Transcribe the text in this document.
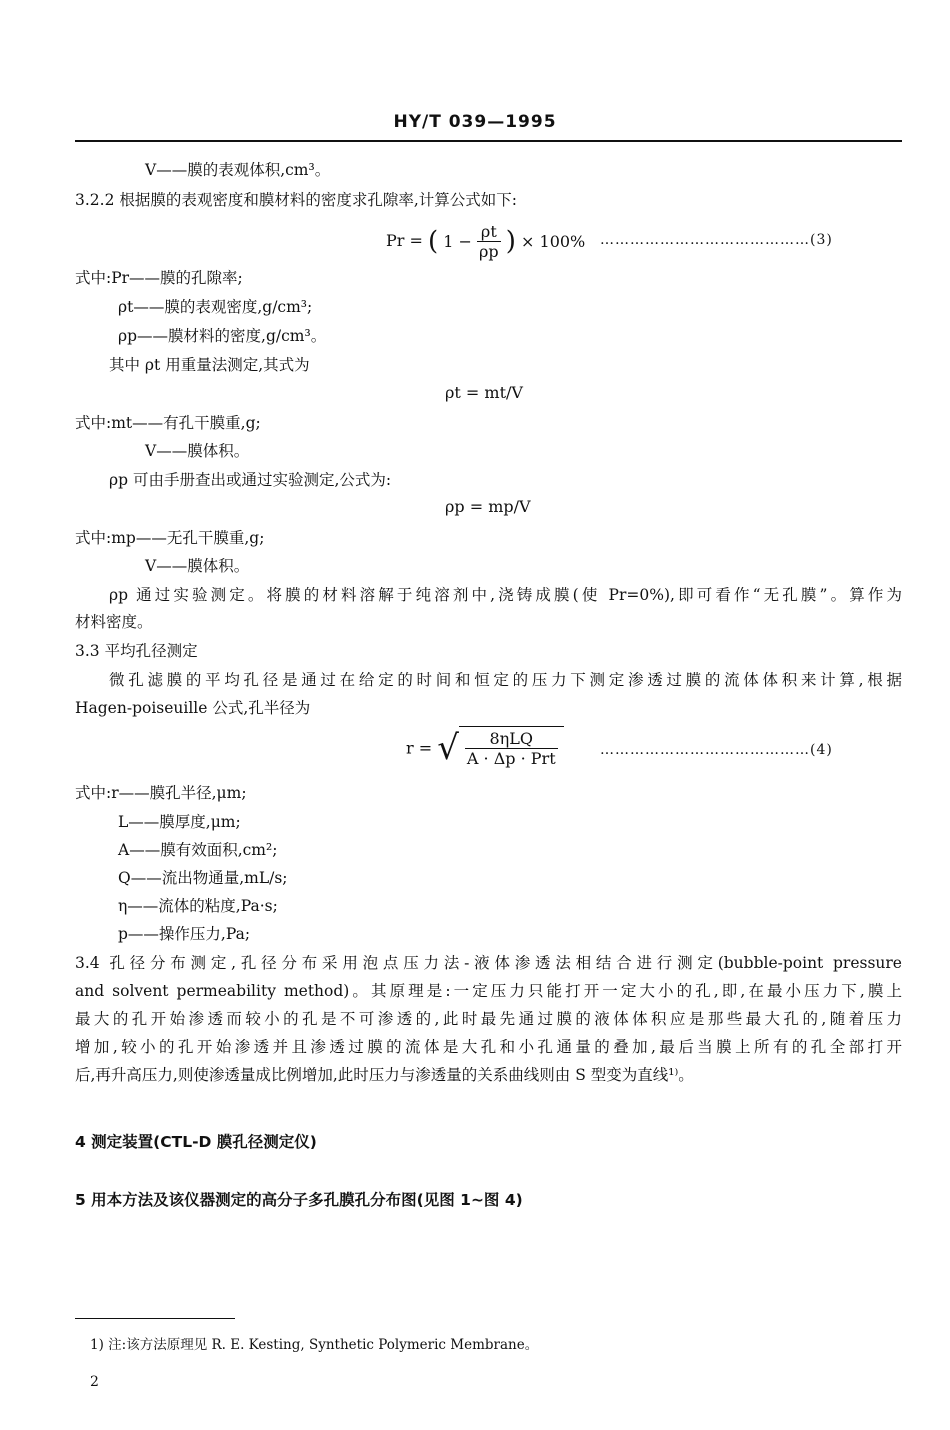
HY/T 039—1995
V——膜的表观体积,cm³。
3.2.2 根据膜的表观密度和膜材料的密度求孔隙率,计算公式如下:
Pr = ( $1 - \frac{\rho t}{\rho p}$ ) × 100% ……………………………………(3)
式中:Pr——膜的孔隙率;
ρt——膜的表观密度,g/cm³;
ρp——膜材料的密度,g/cm³。
其中 ρt 用重量法测定,其式为
ρt = mt/V
式中:mt——有孔干膜重,g;
V——膜体积。
ρp 可由手册查出或通过实验测定,公式为:
ρp = mp/V
式中:mp——无孔干膜重,g;
V——膜体积。
ρp 通过实验测定。将膜的材料溶解于纯溶剂中,浇铸成膜(使 Pr=0%),即可看作“无孔膜”。算作为
材料密度。
3.3 平均孔径测定
微孔滤膜的平均孔径是通过在给定的时间和恒定的压力下测定渗透过膜的流体体积来计算,根据
Hagen-poiseuille 公式,孔半径为
r = √ $\frac{\text{8ηLQ}}{\text{A · Δp · Prt}}$	……………………………………(4)
式中:r——膜孔半径,μm;
L——膜厚度,μm;
A——膜有效面积,cm²;
Q——流出物通量,mL/s;
η——流体的粘度,Pa·s;
p——操作压力,Pa;
3.4 孔径分布测定,孔径分布采用泡点压力法-液体渗透法相结合进行测定(bubble-point pressure
and solvent permeability method)。其原理是:一定压力只能打开一定大小的孔,即,在最小压力下,膜上
最大的孔开始渗透而较小的孔是不可渗透的,此时最先通过膜的液体体积应是那些最大孔的,随着压力
增加,较小的孔开始渗透并且渗透过膜的流体是大孔和小孔通量的叠加,最后当膜上所有的孔全部打开
后,再升高压力,则使渗透量成比例增加,此时压力与渗透量的关系曲线则由 S 型变为直线¹⁾。
4 测定装置(CTL-D 膜孔径测定仪)
5 用本方法及该仪器测定的高分子多孔膜孔分布图(见图 1~图 4)
1) 注:该方法原理见 R. E. Kesting, Synthetic Polymeric Membrane。
2
